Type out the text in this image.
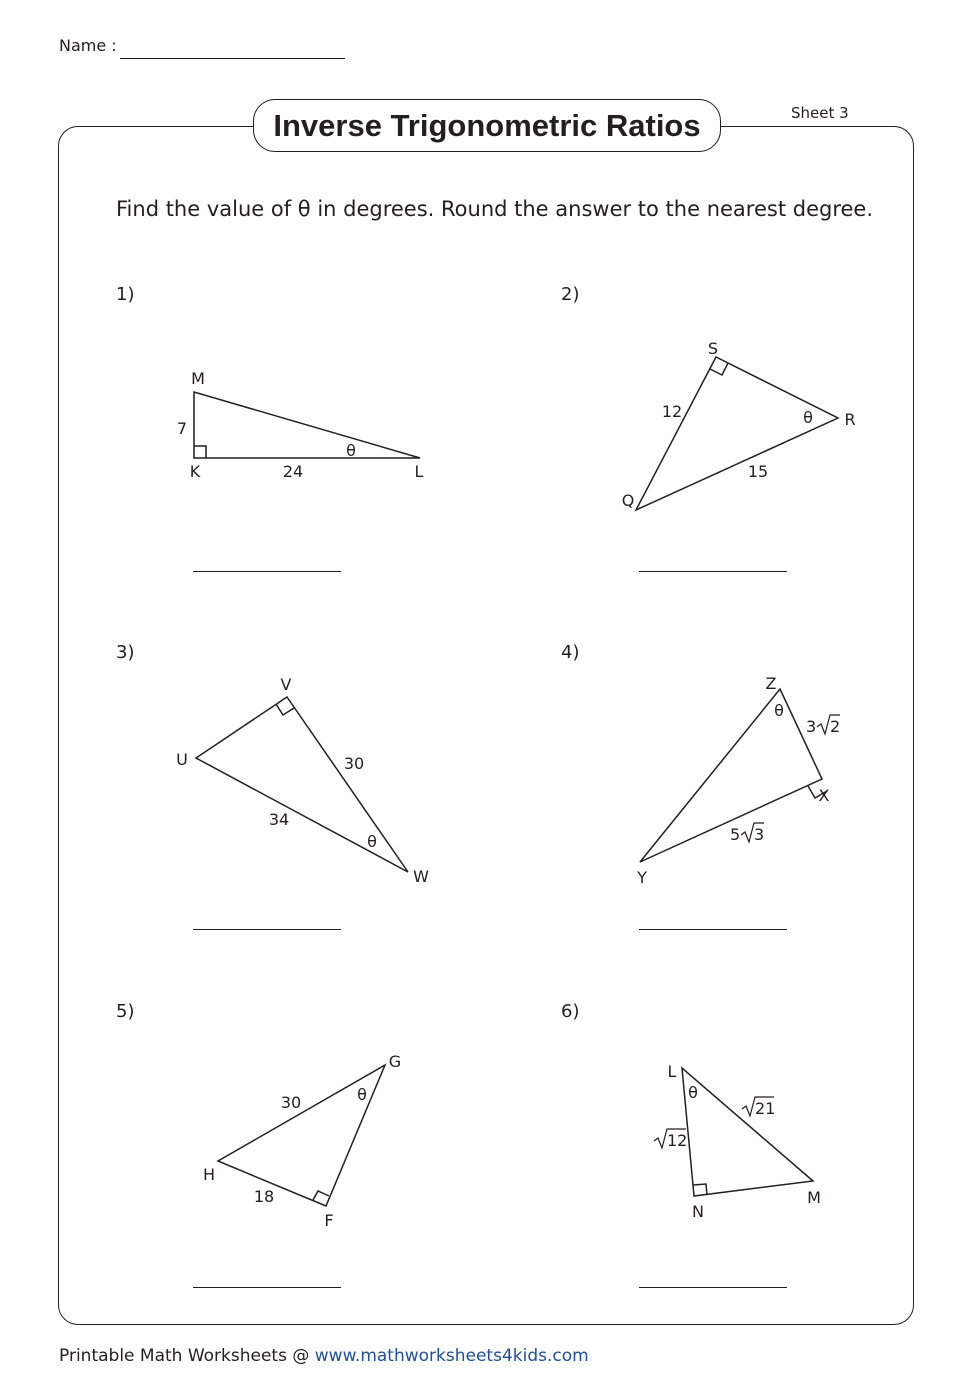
Name :
Inverse Trigonometric Ratios	Sheet 3
Find the value of θ in degrees. Round the answer to the nearest degree.
1)	2)
3)	4)
5)	6)
M
K	L
7
24
θ
S
Q
R
12
15
θ
V
U
W
30
34
θ
Z
X
Y
θ
G
H
F
30
18
θ
L
N
M
θ
3 2
5 3
21
12
Printable Math Worksheets @ www.mathworksheets4kids.com
